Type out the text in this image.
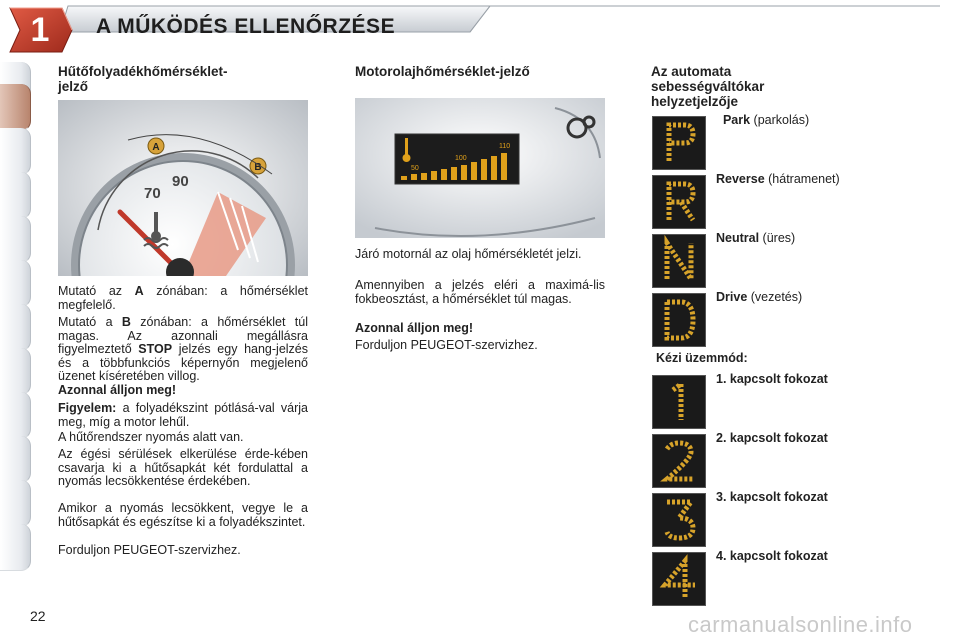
1	A MŰKÖDÉS ELLENŐRZÉSE
Hűtőfolyadékhőmérséklet-
jelző
A
B
70
90

Mutató az A zónában: a hőmérséklet megfelelő.

Mutató a B zónában: a hőmérséklet túl magas. Az azonnali megállásra figyelmeztető STOP jelzés egy hang-jelzés és a többfunkciós képernyőn megjelenő üzenet kíséretében villog.

Azonnal álljon meg!

Figyelem: a folyadékszint pótlásá-val várja meg, míg a motor lehűl.

A hűtőrendszer nyomás alatt van.

Az égési sérülések elkerülése érde-kében csavarja ki a hűtősapkát két fordulattal a nyomás lecsökkentése érdekében.

Amikor a nyomás lecsökkent, vegye le a hűtősapkát és egészítse ki a folyadékszintet.

Forduljon PEUGEOT-szervizhez.

Motorolajhőmérséklet-jelző
50
100
110

Járó motornál az olaj hőmérsékletét jelzi.

Amennyiben a jelzés eléri a maximá-lis fokbeosztást, a hőmérséklet túl magas.

Azonnal álljon meg!

Forduljon PEUGEOT-szervizhez.

Az automata
sebességváltókar
helyzetjelzője
Park (parkolás)
Reverse (hátramenet)
Neutral (üres)
Drive (vezetés)
Kézi üzemmód:
1. kapcsolt fokozat
2. kapcsolt fokozat
3. kapcsolt fokozat
4. kapcsolt fokozat
22	carmanualsonline.info
